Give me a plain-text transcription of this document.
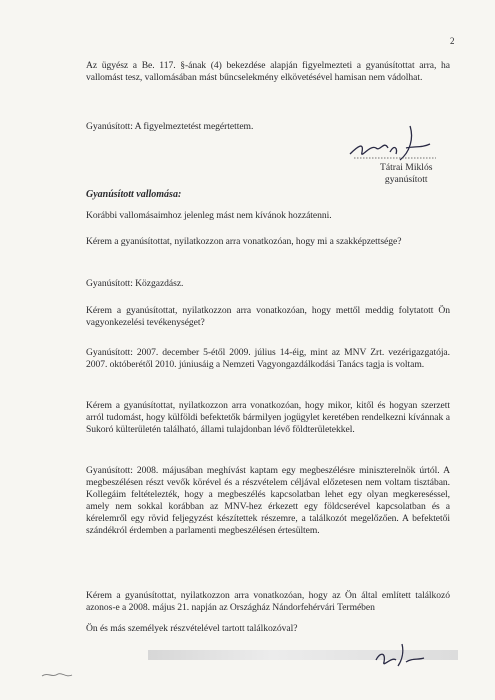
2

Az ügyész a Be. 117. §-ának (4) bekezdése alapján figyelmezteti a gyanúsítottat arra, ha vallomást tesz, vallomásában mást bűncselekmény elkövetésével hamisan nem vádolhat.

Gyanúsított: A figyelmeztetést megértettem.

Tátrai Miklós
gyanúsított
Gyanúsított vallomása:

Korábbi vallomásaimhoz jelenleg mást nem kívánok hozzátenni.

Kérem a gyanúsítottat, nyilatkozzon arra vonatkozóan, hogy mi a szakképzettsége?

Gyanúsított: Közgazdász.

Kérem a gyanúsítottat, nyilatkozzon arra vonatkozóan, hogy mettől meddig folytatott Ön vagyonkezelési tevékenységet?

Gyanúsított: 2007. december 5-étől 2009. július 14-éig, mint az MNV Zrt. vezérigazgatója. 2007. októberétől 2010. júniusáig a Nemzeti Vagyongazdálkodási Tanács tagja is voltam.

Kérem a gyanúsítottat, nyilatkozzon arra vonatkozóan, hogy mikor, kitől és hogyan szerzett arról tudomást, hogy külföldi befektetők bármilyen jogügylet keretében rendelkezni kívánnak a Sukoró külterületén található, állami tulajdonban lévő földterületekkel.

Gyanúsított: 2008. májusában meghívást kaptam egy megbeszélésre miniszterelnök úrtól. A megbeszélésen részt vevők körével és a részvételem céljával előzetesen nem voltam tisztában. Kollegáim feltételezték, hogy a megbeszélés kapcsolatban lehet egy olyan megkereséssel, amely nem sokkal korábban az MNV-hez érkezett egy földcserével kapcsolatban és a kérelemről egy rövid feljegyzést készítettek részemre, a találkozót megelőzően. A befektetői szándékról érdemben a parlamenti megbeszélésen értesültem.

Kérem a gyanúsítottat, nyilatkozzon arra vonatkozóan, hogy az Ön által említett találkozó azonos-e a 2008. május 21. napján az Országház Nándorfehérvári Termében

Ön és más személyek részvételével tartott találkozóval?
